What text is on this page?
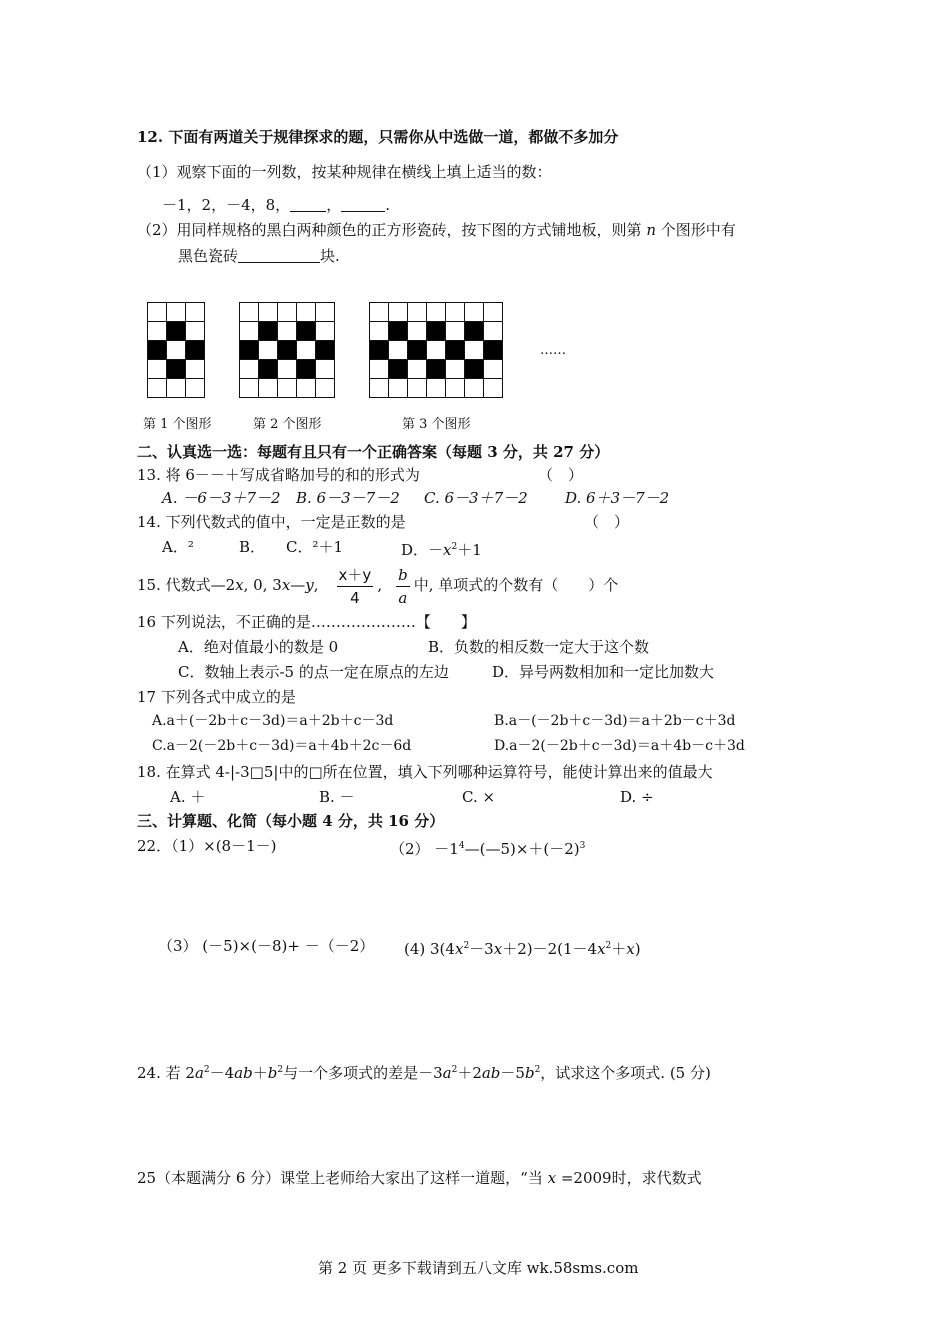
12. 下面有两道关于规律探求的题，只需你从中选做一道，都做不多加分
（1）观察下面的一列数，按某种规律在横线上填上适当的数：
－1，2，－4，8， ，	.
（2）用同样规格的黑白两种颜色的正方形瓷砖，按下图的方式铺地板，则第 n 个图形中有
黑色瓷砖	块.

……
第 1 个图形	第 2 个图形	第 3 个图形
二、认真选一选：每题有且只有一个正确答案（每题 3 分，共 27 分）
13. 将 6－－＋写成省略加号的和的形式为	（　）
A. －6－3＋7－2 B. 6－3－7－2 C. 6－3＋7－2 D. 6＋3－7－2
14. 下列代数式的值中，一定是正数的是	（　）
A．²	B． C．²＋1	D．$-x^2+1$
15. 代数式—2x, 0, 3x—y, $\frac{x+y}{4}$ , $\frac{b}{a}$ 中, 单项式的个数有（　　）个
16 下列说法，不正确的是…………………【　　】
A．绝对值最小的数是 0	B．负数的相反数一定大于这个数
C．数轴上表示-5 的点一定在原点的左边	D．异号两数相加和一定比加数大
17 下列各式中成立的是
A.a＋(－2b＋c－3d)＝a＋2b＋c－3d	B.a－(－2b＋c－3d)＝a＋2b－c＋3d
C.a－2(－2b＋c－3d)＝a＋4b＋2c－6d	D.a－2(－2b＋c－3d)＝a＋4b－c＋3d
18. 在算式 4-|-3□5|中的□所在位置，填入下列哪种运算符号，能使计算出来的值最大
A. ＋	B. －	C. ×	D. ÷
三、计算题、化简（每小题 4 分，共 16 分）
22．（1）×(8－1－)	$(2) -1^4—(—5)\times+(-2)^3$
（3） (－5)×(－8)+ －（－2） (4) $3(4x^2-3x+2)-2(1-4x^2+x)$
24. 若 $2a^2-4ab+b^2$与一个多项式的差是$-3a^2+2ab-5b^2$，试求这个多项式. (5 分)
25（本题满分 6 分）课堂上老师给大家出了这样一道题，“当 x =2009时，求代数式
第 2 页 更多下载请到五八文库 wk.58sms.com
